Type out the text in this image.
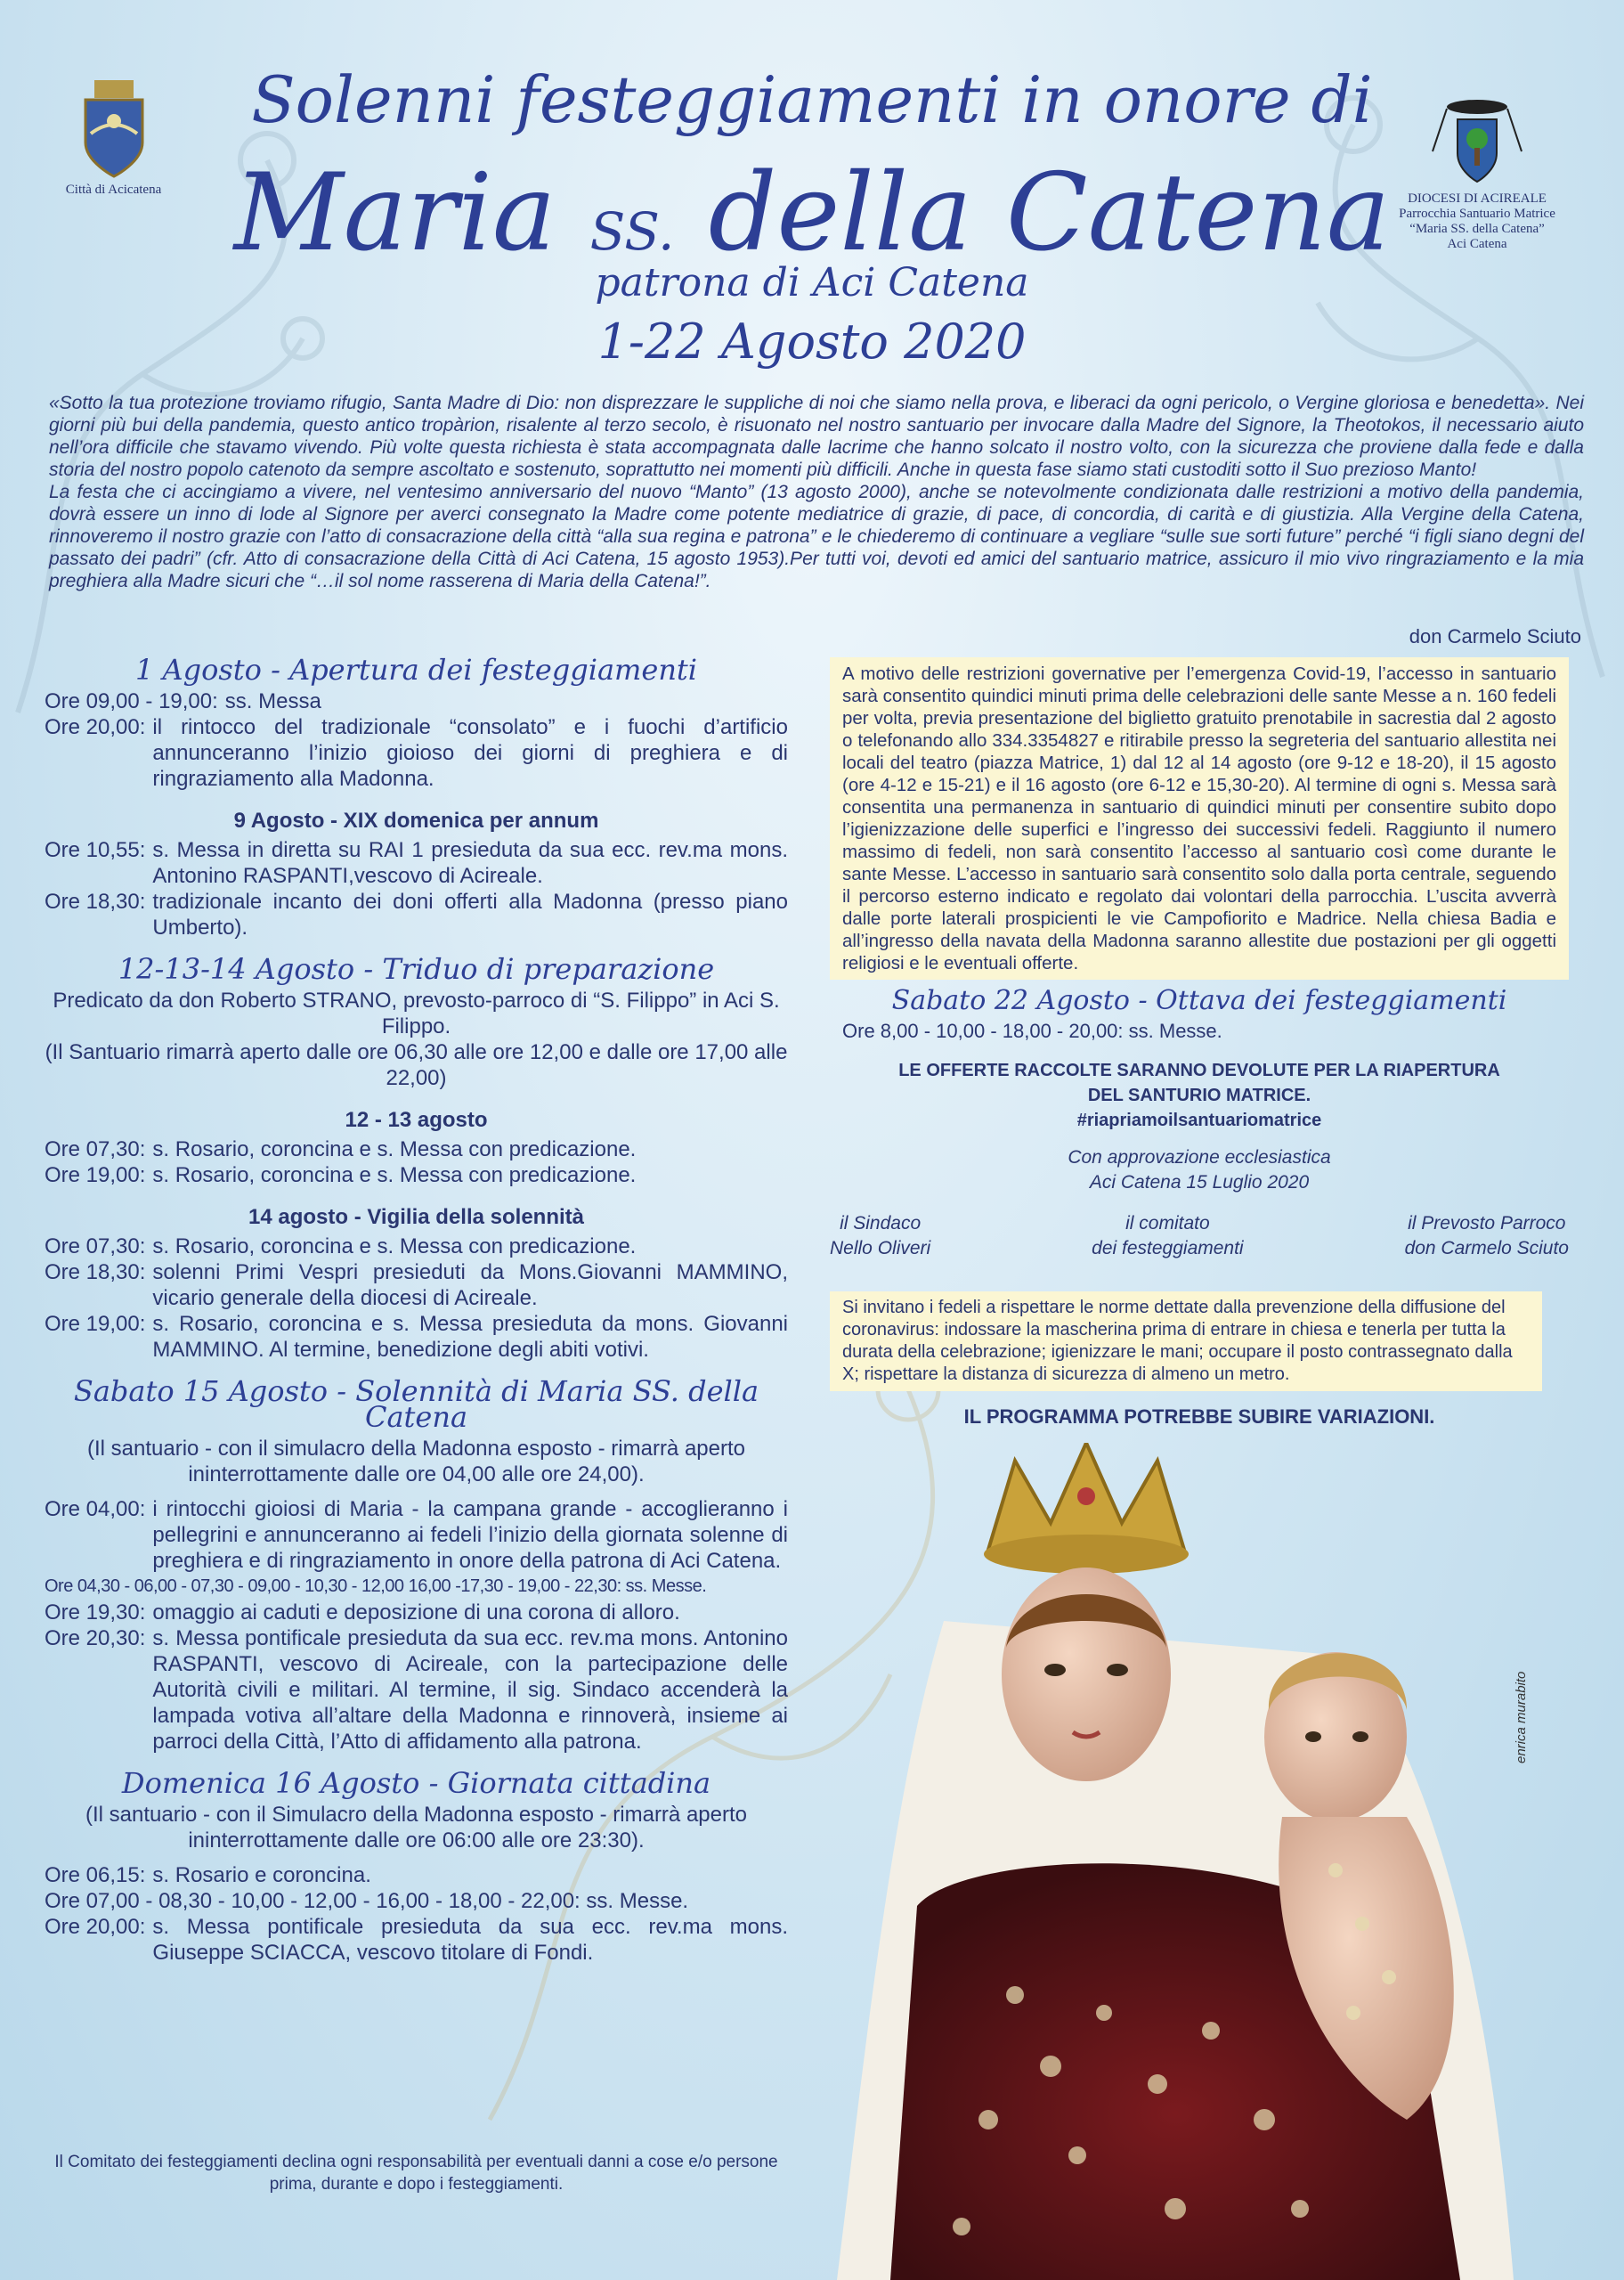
Città di Acicatena
DIOCESI DI ACIREALE
Parrocchia Santuario Matrice
“Maria SS. della Catena”
Aci Catena
Solenni festeggiamenti in onore di
Maria SS. della Catena
patrona di Aci Catena
1-22 Agosto 2020
«Sotto la tua protezione troviamo rifugio, Santa Madre di Dio: non disprezzare le suppliche di noi che siamo nella prova, e liberaci da ogni pericolo, o Vergine gloriosa e benedetta». Nei giorni più bui della pandemia, questo antico tropàrion, risalente al terzo secolo, è risuonato nel nostro santuario per invocare dalla Madre del Signore, la Theotokos, il necessario aiuto nell’ora difficile che stavamo vivendo. Più volte questa richiesta è stata accompagnata dalle lacrime che hanno solcato il nostro volto, con la sicurezza che proviene dalla fede e dalla storia del nostro popolo catenoto da sempre ascoltato e sostenuto, soprattutto nei momenti più difficili. Anche in questa fase siamo stati custoditi sotto il Suo prezioso Manto!
La festa che ci accingiamo a vivere, nel ventesimo anniversario del nuovo “Manto” (13 agosto 2000), anche se notevolmente condizionata dalle restrizioni a motivo della pandemia, dovrà essere un inno di lode al Signore per averci consegnato la Madre come potente mediatrice di grazie, di pace, di concordia, di carità e di giustizia. Alla Vergine della Catena, rinnoveremo il nostro grazie con l’atto di consacrazione della città “alla sua regina e patrona” e le chiederemo di continuare a vegliare “sulle sue sorti future” perché “i figli siano degni del passato dei padri” (cfr. Atto di consacrazione della Città di Aci Catena, 15 agosto 1953).Per tutti voi, devoti ed amici del santuario matrice, assicuro il mio vivo ringraziamento e la mia preghiera alla Madre sicuri che “…il sol nome rasserena di Maria della Catena!”.
don Carmelo Sciuto
1 Agosto - Apertura dei festeggiamenti
Ore 09,00 - 19,00: ss. Messa
Ore 20,00: il rintocco del tradizionale “consolato” e i fuochi d’artificio annunceranno l’inizio gioioso dei giorni di preghiera e di ringraziamento alla Madonna.
9 Agosto - XIX domenica per annum
Ore 10,55: s. Messa in diretta su RAI 1 presieduta da sua ecc. rev.ma mons. Antonino RASPANTI,vescovo di Acireale.
Ore 18,30: tradizionale incanto dei doni offerti alla Madonna (presso piano Umberto).
12-13-14 Agosto - Triduo di preparazione
Predicato da don Roberto STRANO, prevosto-parroco di “S. Filippo” in Aci S. Filippo.
(Il Santuario rimarrà aperto dalle ore 06,30 alle ore 12,00 e dalle ore 17,00 alle 22,00)
12 - 13 agosto
Ore 07,30: s. Rosario, coroncina e s. Messa con predicazione.
Ore 19,00: s. Rosario, coroncina e s. Messa con predicazione.
14 agosto - Vigilia della solennità
Ore 07,30: s. Rosario, coroncina e s. Messa con predicazione.
Ore 18,30: solenni Primi Vespri presieduti da Mons.Giovanni MAMMINO, vicario generale della diocesi di Acireale.
Ore 19,00: s. Rosario, coroncina e s. Messa presieduta da mons. Giovanni MAMMINO. Al termine, benedizione degli abiti votivi.
Sabato 15 Agosto - Solennità di Maria SS. della Catena
(Il santuario - con il simulacro della Madonna esposto - rimarrà aperto ininterrottamente dalle ore 04,00 alle ore 24,00).
Ore 04,00: i rintocchi gioiosi di Maria - la campana grande - accoglieranno i pellegrini e annunceranno ai fedeli l’inizio della giornata solenne di preghiera e di ringraziamento in onore della patrona di Aci Catena.
Ore 04,30 - 06,00 - 07,30 - 09,00 - 10,30 - 12,00 16,00 -17,30 - 19,00 - 22,30: ss. Messe.
Ore 19,30: omaggio ai caduti e deposizione di una corona di alloro.
Ore 20,30: s. Messa pontificale presieduta da sua ecc. rev.ma mons. Antonino RASPANTI, vescovo di Acireale, con la partecipazione delle Autorità civili e militari. Al termine, il sig. Sindaco accenderà la lampada votiva all’altare della Madonna e rinnoverà, insieme ai parroci della Città, l’Atto di affidamento alla patrona.
Domenica 16 Agosto - Giornata cittadina
(Il santuario - con il Simulacro della Madonna esposto - rimarrà aperto ininterrottamente dalle ore 06:00 alle ore 23:30).
Ore 06,15: s. Rosario e coroncina.
Ore 07,00 - 08,30 - 10,00 - 12,00 - 16,00 - 18,00 - 22,00: ss. Messe.
Ore 20,00: s. Messa pontificale presieduta da sua ecc. rev.ma mons. Giuseppe SCIACCA, vescovo titolare di Fondi.
Il Comitato dei festeggiamenti declina ogni responsabilità per eventuali danni a cose e/o persone prima, durante e dopo i festeggiamenti.
A motivo delle restrizioni governative per l’emergenza Covid-19, l’accesso in santuario sarà consentito quindici minuti prima delle celebrazioni delle sante Messe a n. 160 fedeli per volta, previa presentazione del biglietto gratuito prenotabile in sacrestia dal 2 agosto o telefonando allo 334.3354827 e ritirabile presso la segreteria del santuario allestita nei locali del teatro (piazza Matrice, 1) dal 12 al 14 agosto (ore 9-12 e 18-20), il 15 agosto (ore 4-12 e 15-21) e il 16 agosto (ore 6-12 e 15,30-20). Al termine di ogni s. Messa sarà consentita una permanenza in santuario di quindici minuti per consentire subito dopo l’igienizzazione delle superfici e l’ingresso dei successivi fedeli. Raggiunto il numero massimo di fedeli, non sarà consentito l’accesso al santuario così come durante le sante Messe. L’accesso in santuario sarà consentito solo dalla porta centrale, seguendo il percorso esterno indicato e regolato dai volontari della parrocchia. L’uscita avverrà dalle porte laterali prospicienti le vie Campofiorito e Madrice. Nella chiesa Badia e all’ingresso della navata della Madonna saranno allestite due postazioni per gli oggetti religiosi e le eventuali offerte.
Sabato 22 Agosto - Ottava dei festeggiamenti
Ore 8,00 - 10,00 - 18,00 - 20,00: ss. Messe.
LE OFFERTE RACCOLTE SARANNO DEVOLUTE PER LA RIAPERTURA DEL SANTURIO MATRICE.
#riapriamoilsantuariomatrice
Con approvazione ecclesiastica
Aci Catena 15 Luglio 2020
il Sindaco
Nello Oliveri
il comitato
dei festeggiamenti
il Prevosto Parroco
don Carmelo Sciuto
Si invitano i fedeli a rispettare le norme dettate dalla prevenzione della diffusione del coronavirus: indossare la mascherina prima di entrare in chiesa e tenerla per tutta la durata della celebrazione; igienizzare le mani; occupare il posto contrassegnato dalla X; rispettare la distanza di sicurezza di almeno un metro.
IL PROGRAMMA POTREBBE SUBIRE VARIAZIONI.
enrica murabito
